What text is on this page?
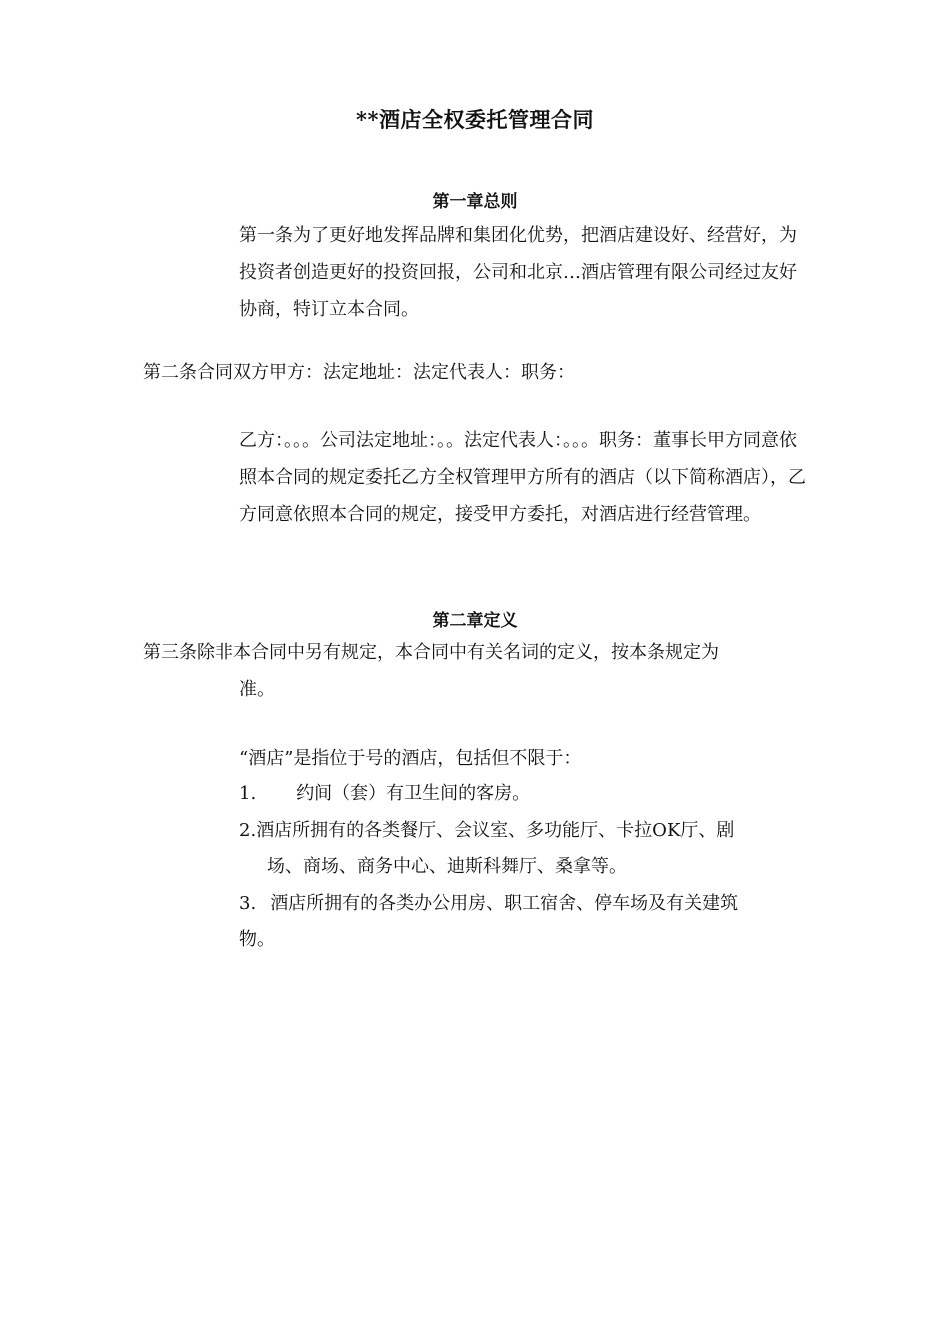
**酒店全权委托管理合同
第一章总则

第一条为了更好地发挥品牌和集团化优势，把酒店建设好、经营好，为投资者创造更好的投资回报，公司和北京…酒店管理有限公司经过友好协商，特订立本合同。

第二条合同双方甲方：法定地址：法定代表人：职务：

乙方：。。。公司法定地址：。。法定代表人：。。。职务：董事长甲方同意依照本合同的规定委托乙方全权管理甲方所有的酒店（以下简称酒店），乙方同意依照本合同的规定，接受甲方委托，对酒店进行经营管理。

第二章定义

第三条除非本合同中另有规定，本合同中有关名词的定义，按本条规定为

准。

“酒店”是指位于号的酒店，包括但不限于：

1. 约间（套）有卫生间的客房。
2.酒店所拥有的各类餐厅、会议室、多功能厅、卡拉OK厅、剧
场、商场、商务中心、迪斯科舞厅、桑拿等。
3. 酒店所拥有的各类办公用房、职工宿舍、停车场及有关建筑
物。
